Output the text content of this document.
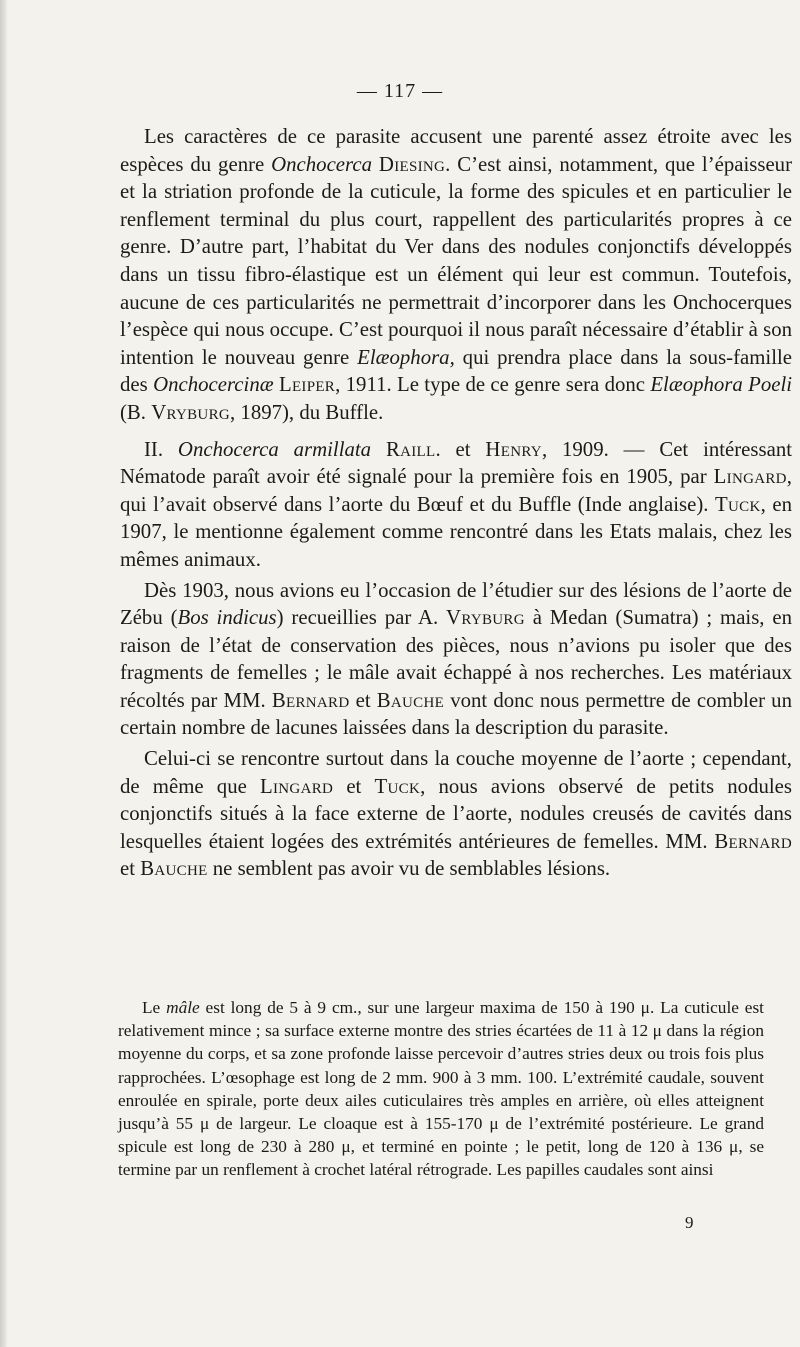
— 117 —

Les caractères de ce parasite accusent une parenté assez étroite avec les espèces du genre Onchocerca Diesing. C’est ainsi, notamment, que l’épaisseur et la striation profonde de la cuticule, la forme des spicules et en particulier le renflement terminal du plus court, rappellent des particularités propres à ce genre. D’autre part, l’habitat du Ver dans des nodules conjonctifs développés dans un tissu fibro-élastique est un élément qui leur est commun. Toutefois, aucune de ces particularités ne permettrait d’incorporer dans les Onchocerques l’espèce qui nous occupe. C’est pourquoi il nous paraît nécessaire d’établir à son intention le nouveau genre Elæophora, qui prendra place dans la sous-famille des Onchocercinæ Leiper, 1911. Le type de ce genre sera donc Elæophora Poeli (B. Vryburg, 1897), du Buffle.

II. Onchocerca armillata Raill. et Henry, 1909. — Cet intéressant Nématode paraît avoir été signalé pour la première fois en 1905, par Lingard, qui l’avait observé dans l’aorte du Bœuf et du Buffle (Inde anglaise). Tuck, en 1907, le mentionne également comme rencontré dans les Etats malais, chez les mêmes animaux.

Dès 1903, nous avions eu l’occasion de l’étudier sur des lésions de l’aorte de Zébu (Bos indicus) recueillies par A. Vryburg à Medan (Sumatra) ; mais, en raison de l’état de conservation des pièces, nous n’avions pu isoler que des fragments de femelles ; le mâle avait échappé à nos recherches. Les matériaux récoltés par MM. Bernard et Bauche vont donc nous permettre de combler un certain nombre de lacunes laissées dans la description du parasite.

Celui-ci se rencontre surtout dans la couche moyenne de l’aorte ; cependant, de même que Lingard et Tuck, nous avions observé de petits nodules conjonctifs situés à la face externe de l’aorte, nodules creusés de cavités dans lesquelles étaient logées des extrémités antérieures de femelles. MM. Bernard et Bauche ne semblent pas avoir vu de semblables lésions.

Le mâle est long de 5 à 9 cm., sur une largeur maxima de 150 à 190 μ. La cuticule est relativement mince ; sa surface externe montre des stries écartées de 11 à 12 μ dans la région moyenne du corps, et sa zone profonde laisse percevoir d’autres stries deux ou trois fois plus rapprochées. L’œsophage est long de 2 mm. 900 à 3 mm. 100. L’extrémité caudale, souvent enroulée en spirale, porte deux ailes cuticulaires très amples en arrière, où elles atteignent jusqu’à 55 μ de largeur. Le cloaque est à 155-170 μ de l’extrémité postérieure. Le grand spicule est long de 230 à 280 μ, et terminé en pointe ; le petit, long de 120 à 136 μ, se termine par un renflement à crochet latéral rétrograde. Les papilles caudales sont ainsi

9
